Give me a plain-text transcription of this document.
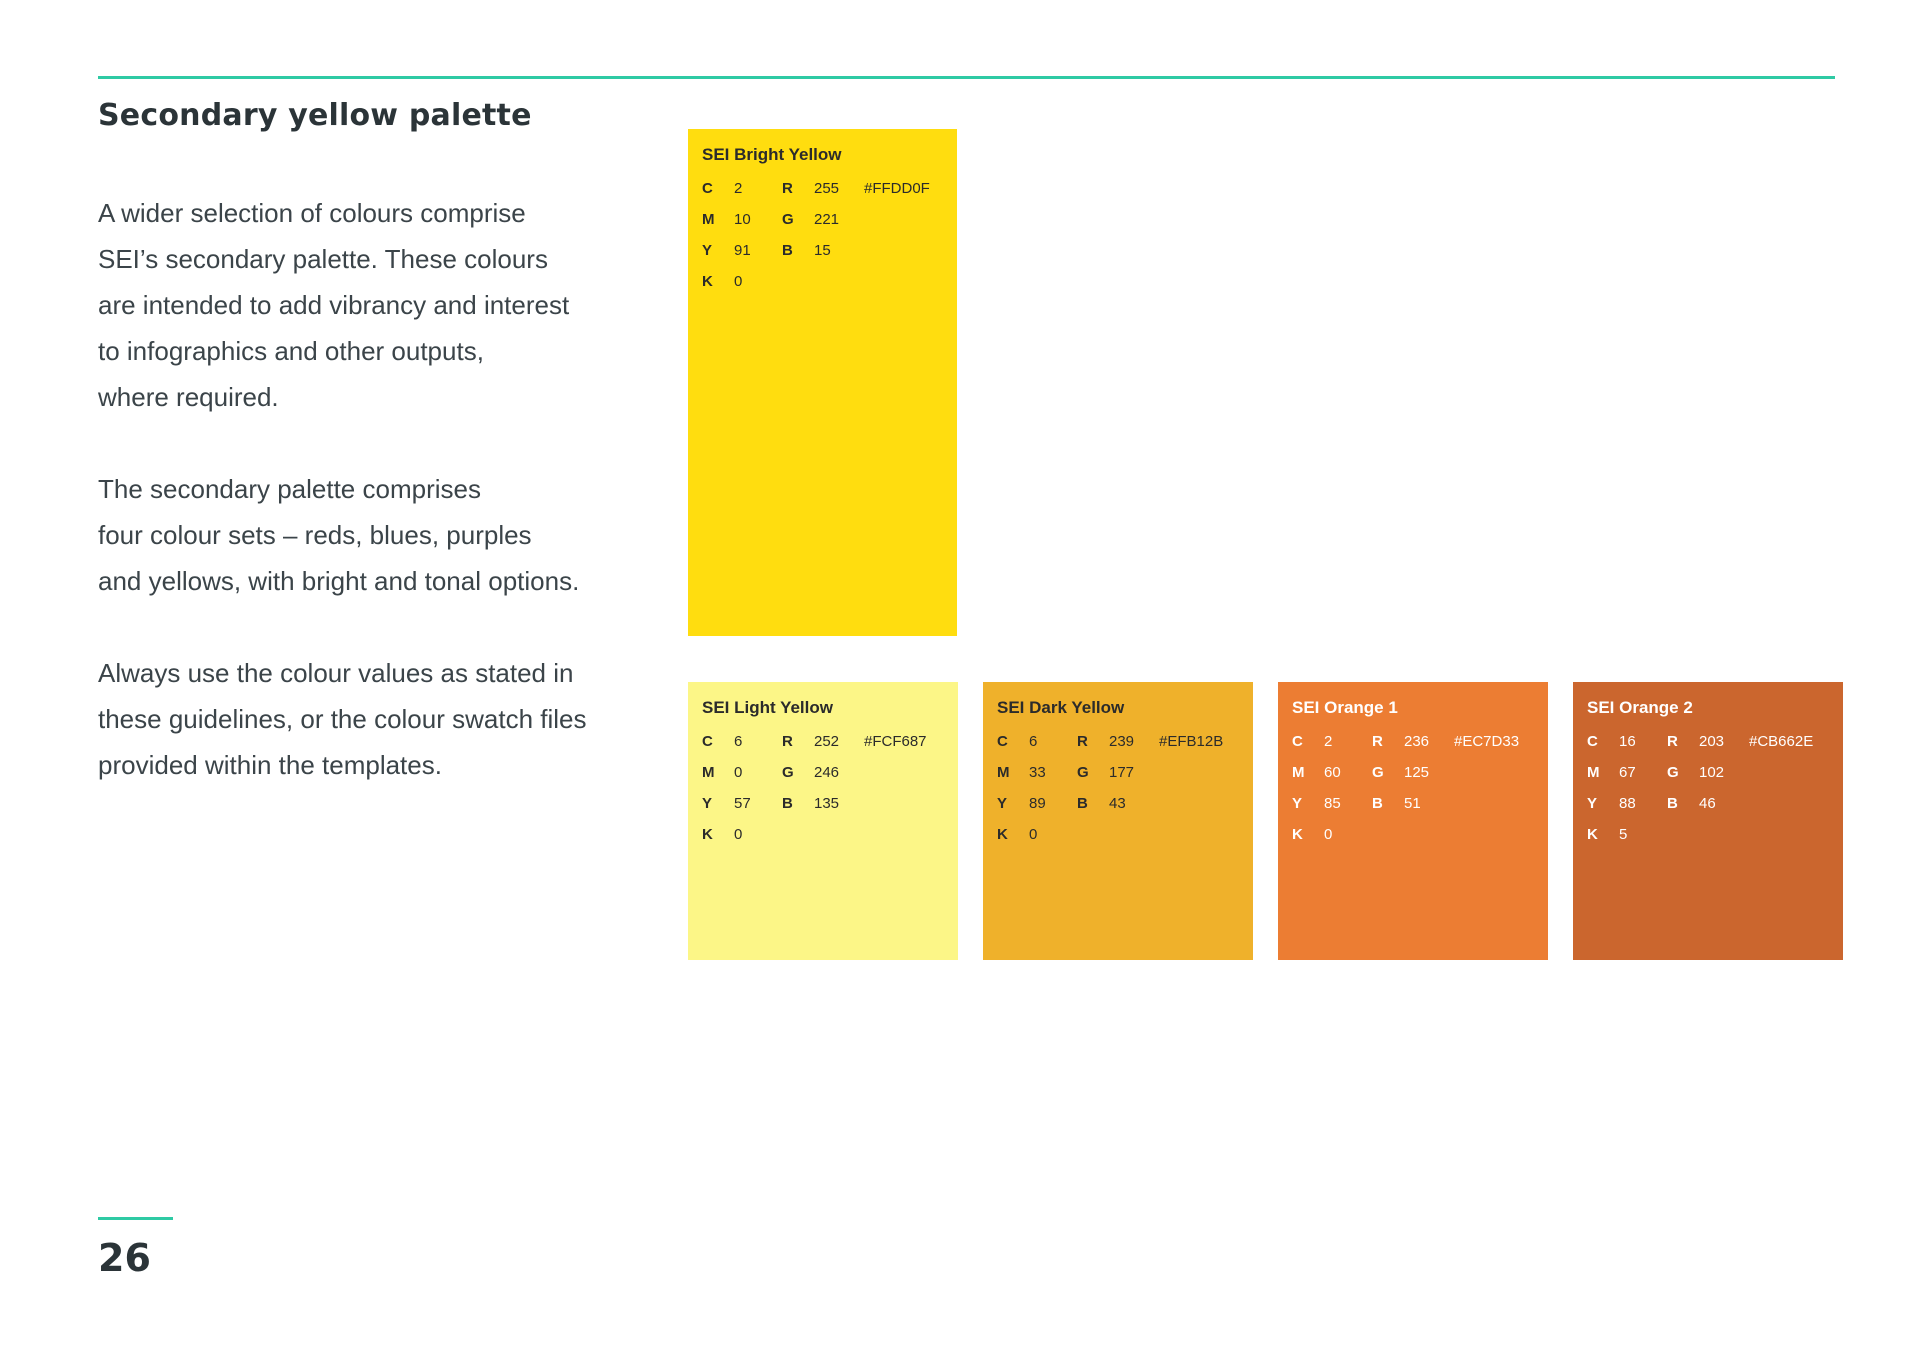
Secondary yellow palette

A wider selection of colours comprise
SEI’s secondary palette. These colours
are intended to add vibrancy and interest
to infographics and other outputs,
where required.

The secondary palette comprises
four colour sets – reds, blues, purples
and yellows, with bright and tonal options.

Always use the colour values as stated in
these guidelines, or the colour swatch files
provided within the templates.

SEI Bright Yellow
C	2	R	255	#FFDD0F
M	10	G	221
Y	91	B	15
K	0
SEI Light Yellow
C	6	R	252	#FCF687
M	0	G	246
Y	57	B	135
K	0
SEI Dark Yellow
C	6	R	239	#EFB12B
M	33	G	177
Y	89	B	43
K	0
SEI Orange 1
C	2	R	236	#EC7D33
M	60	G	125
Y	85	B	51
K	0
SEI Orange 2
C	16	R	203	#CB662E
M	67	G	102
Y	88	B	46
K	5
26
